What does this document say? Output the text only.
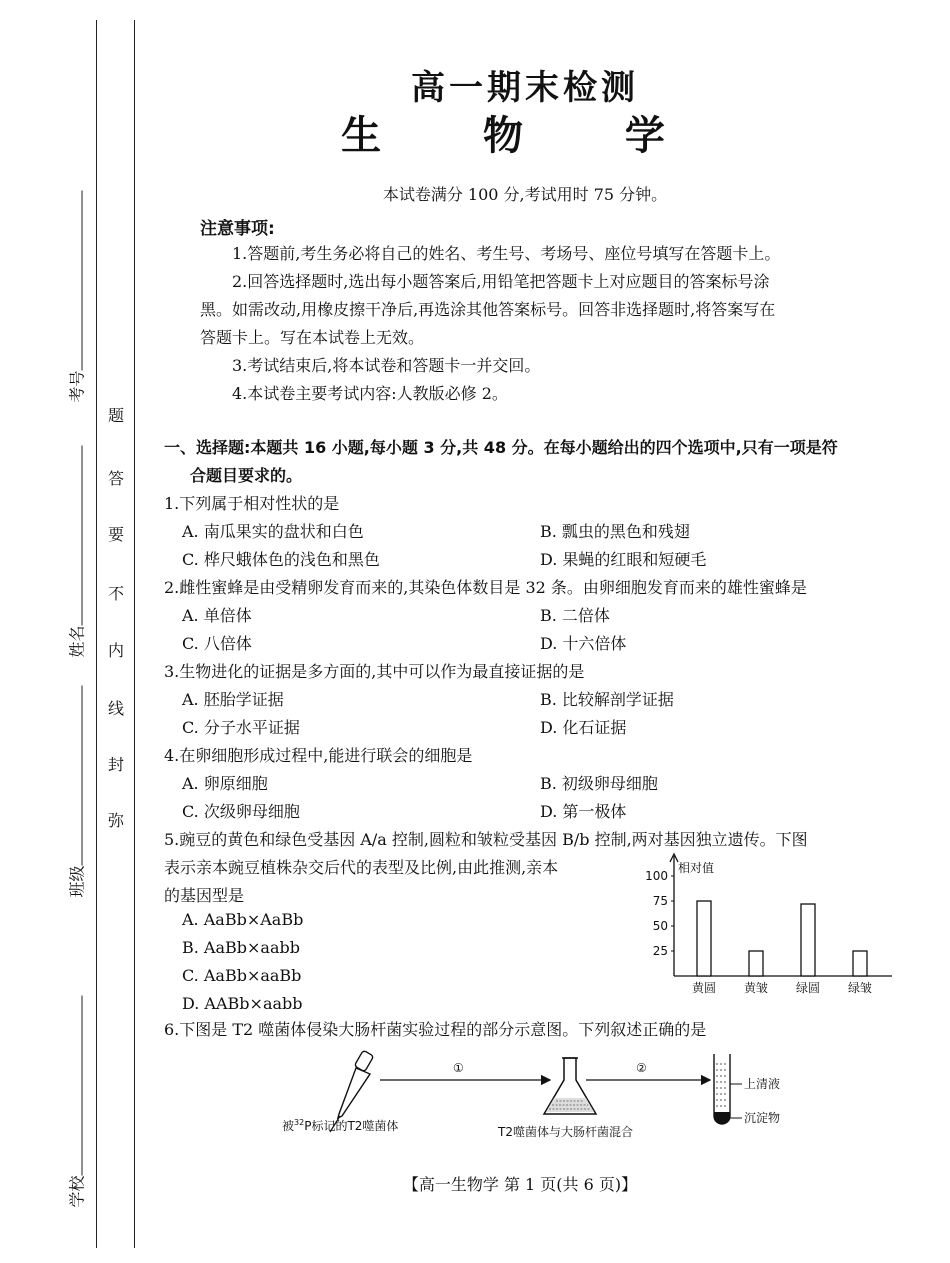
考号
姓名
班级
学校
题
答
要
不
内
线
封
弥
高一期末检测
生 物 学
本试卷满分 100 分,考试用时 75 分钟。
注意事项:

1.答题前,考生务必将自己的姓名、考生号、考场号、座位号填写在答题卡上。

2.回答选择题时,选出每小题答案后,用铅笔把答题卡上对应题目的答案标号涂

黑。如需改动,用橡皮擦干净后,再选涂其他答案标号。回答非选择题时,将答案写在

答题卡上。写在本试卷上无效。

3.考试结束后,将本试卷和答题卡一并交回。

4.本试卷主要考试内容:人教版必修 2。

一、选择题:本题共 16 小题,每小题 3 分,共 48 分。在每小题给出的四个选项中,只有一项是符
合题目要求的。
1.下列属于相对性状的是
A. 南瓜果实的盘状和白色	B. 瓢虫的黑色和残翅
C. 桦尺蛾体色的浅色和黑色	D. 果蝇的红眼和短硬毛
2.雌性蜜蜂是由受精卵发育而来的,其染色体数目是 32 条。由卵细胞发育而来的雄性蜜蜂是
A. 单倍体	B. 二倍体
C. 八倍体	D. 十六倍体
3.生物进化的证据是多方面的,其中可以作为最直接证据的是
A. 胚胎学证据	B. 比较解剖学证据
C. 分子水平证据	D. 化石证据
4.在卵细胞形成过程中,能进行联会的细胞是
A. 卵原细胞	B. 初级卵母细胞
C. 次级卵母细胞	D. 第一极体
5.豌豆的黄色和绿色受基因 A/a 控制,圆粒和皱粒受基因 B/b 控制,两对基因独立遗传。下图
表示亲本豌豆植株杂交后代的表型及比例,由此推测,亲本
的基因型是
A. AaBb×AaBb
B. AaBb×aabb
C. AaBb×aaBb
D. AABb×aabb
相对值
25
50
75
100
黄圆 黄皱 绿圆 绿皱
6.下图是 T2 噬菌体侵染大肠杆菌实验过程的部分示意图。下列叙述正确的是
①	②
上清液
沉淀物
被$^{32}$P标记的T2噬菌体	T2噬菌体与大肠杆菌混合
【高一生物学 第 1 页(共 6 页)】
